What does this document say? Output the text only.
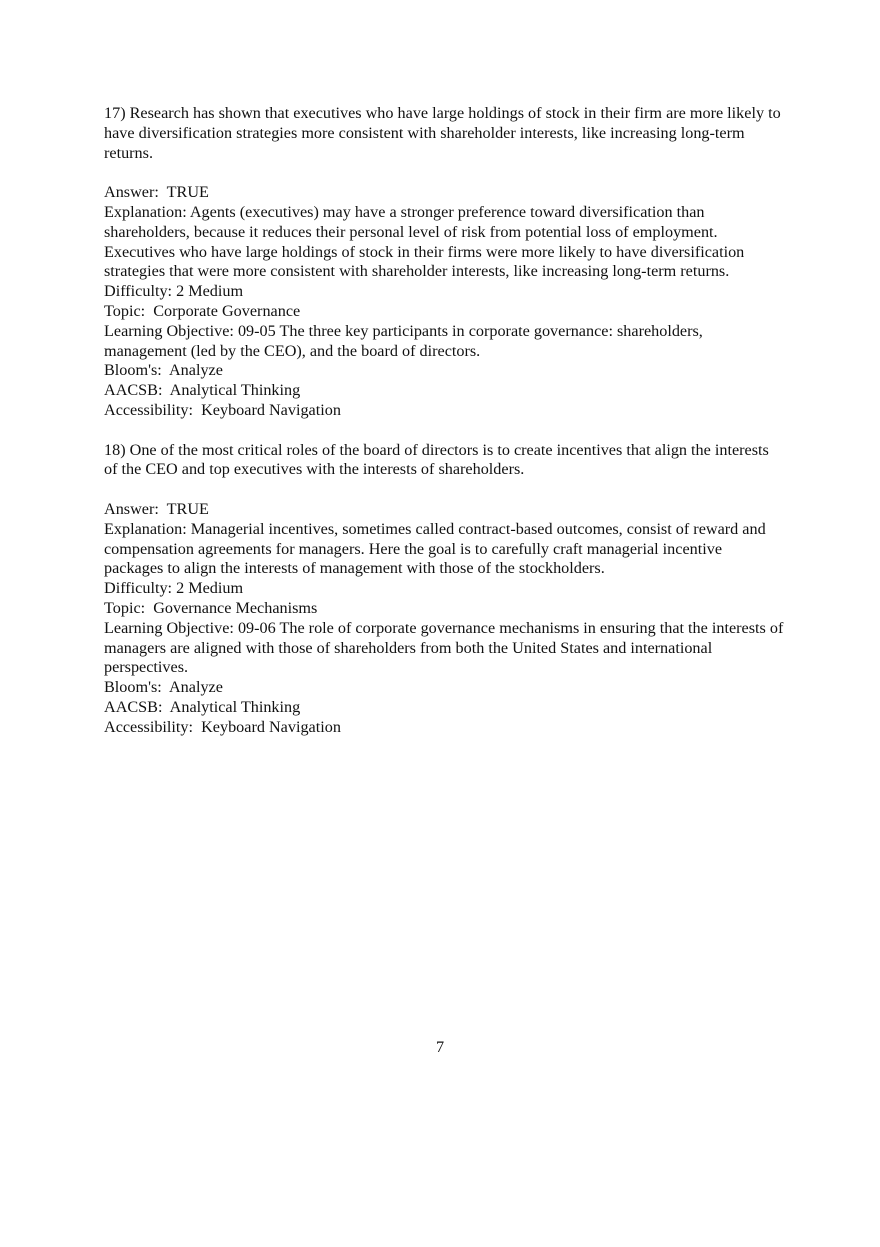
17) Research has shown that executives who have large holdings of stock in their firm are more likely to have diversification strategies more consistent with shareholder interests, like increasing long-term returns.

Answer:  TRUE

Explanation: Agents (executives) may have a stronger preference toward diversification than shareholders, because it reduces their personal level of risk from potential loss of employment. Executives who have large holdings of stock in their firms were more likely to have diversification strategies that were more consistent with shareholder interests, like increasing long-term returns.

Difficulty: 2 Medium
Topic:  Corporate Governance

Learning Objective: 09-05 The three key participants in corporate governance: shareholders, management (led by the CEO), and the board of directors.

Bloom's:  Analyze
AACSB:  Analytical Thinking
Accessibility:  Keyboard Navigation

18) One of the most critical roles of the board of directors is to create incentives that align the interests of the CEO and top executives with the interests of shareholders.

Answer:  TRUE

Explanation: Managerial incentives, sometimes called contract-based outcomes, consist of reward and compensation agreements for managers. Here the goal is to carefully craft managerial incentive packages to align the interests of management with those of the stockholders.

Difficulty: 2 Medium
Topic:  Governance Mechanisms

Learning Objective: 09-06 The role of corporate governance mechanisms in ensuring that the interests of managers are aligned with those of shareholders from both the United States and international perspectives.

Bloom's:  Analyze
AACSB:  Analytical Thinking
Accessibility:  Keyboard Navigation
7
